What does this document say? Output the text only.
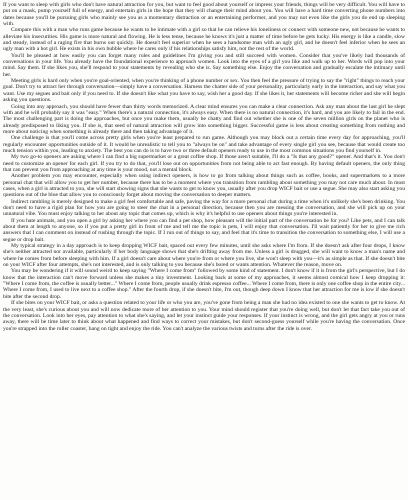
If you want to sleep with girls who don't have natural attraction for you, but want to feel good about yourself or impress your friends, things will be very difficult. You will have to put on a mask, pump yourself full of energy, and entertain girls in the hope that they will change their mind about you. You will have a hard time converting phone numbers into dates because you'll be pursuing girls who mainly see you as a momentary distraction or an entertaining performer, and you may not even like the girls you do end up sleeping with.

Compare this with a man who runs game because he wants to be intimate with a girl so that he can relieve his loneliness or connect with someone new, not because he wants to alleviate his insecurities. His game is more natural and flowing. He is less tense, because he knows it's just a matter of time before he gets lucky. His energy is like a candle, slow and steady, instead of a raging fire that burns out quickly. He doesn't feel superior when he sees a handsome man with an ugly girl, and he doesn't feel inferior when he sees an ugly man with a hot girl. He exists in his own bubble where he cares only if his relationships satisfy him, not the rest of the world.

You'll be pleased at how easily you can forget many rules and guidelines I'm giving you and still succeed with women. Consider that you've likely had thousands of conversations in your life. You already have the foundational experience to approach women. Look into the eyes of a girl you like and walk up to her. Words will pop into your mind. Say them. If she likes you, she'll respond to your statements by revealing who she is. Say something else. Enjoy the conversation and gradually escalate the intimacy until her.

Meeting girls is hard only when you're goal-oriented, when you're thinking of a phone number or sex. You then feel the pressure of trying to say the "right" things to reach your goal. Don't try to attract her through conversation—simply have a conversation. Harness the chatter side of your personality, particularly early in the interaction, and say what you want. Use my segues and bait only if you need to. If she doesn't like what you have to say, wish her a good day. If she likes it, her statements will become richer and she will begin asking you questions.

Going into any approach, you should have fewer than thirty words memorized. A clear mind ensures you can make a clear connection. Ask any man about the last girl he slept with and he will probably say it was "easy." When there's a natural connection, it's always easy. When there is no natural connection, it's hard, and you are likely to fail in the end. The most challenging part is doing the approaches, but once you make them, usually be chatty and find out whether she is one of the seven million girls on the planet who is already predisposed to liking you. If she is, that seed of natural attraction will grow into something bigger. Successful game is less about creating something from nothing and more about noticing when something is already there and then taking advantage of it.

One challenge is that you'll come across pretty girls when you're least prepared to run game. Although you may block out a certain time every day for approaching, you'll regularly encounter opportunities outside of it. It would be unrealistic to tell you to "always be on" and take advantage of every single girl you see, because that would create too much tension within you, leading to anxiety. The best you can do is to have two or three default openers ready to use in the most common situations you find yourself in.

My two go-to openers are asking where I can find a big supermarket or a great coffee shop. If those aren't suitable, I'll do a "Is that any good?" opener. And that's it. You don't need to customize an opener for each girl. If you try to do that, you'll lose out on opportunities from not being able to act fast enough. By having default openers, the only thing that can prevent you from approaching at any time is your mood, not a mental block.

Another problem you may encounter, especially when using indirect openers, is how to go from talking about things such as coffee, books, and supermarkets to a more personal chat that will allow you to get her number, because there has to be a moment where you transition from rambling about something you may not care much about. In most cases, when a girl is attracted to you, she will start showing signs that she wants to get to know you, usually after you drop WICF bait or use a segue. She may also start asking you questions out of the blue that allow you to consciously forget about moving the conversation to deeper matters.

Indirect rambling is merely designed to make a girl feel comfortable and safe, paving the way for a more personal chat during a time when it's unlikely she's been drinking. You don't need to have a rigid plan for how you are going to steer the chat in a personal direction, because then you are messing the conversation, and she will pick up on your unnatural vibe. You must enjoy talking to her about any topic that comes up, which is why it's helpful to use openers about things you're interested in.

If you hate animals, and you open a girl by asking her where you can find a pet shop, how pleasant will the initial part of the conversation be for you? Like pets, and I can talk about them at length to anyone, so if you put a pretty girl in front of me and tell me the topic is pets, I will enjoy that conversation. I'll wait patiently for her to give me rich answers that I can comment on instead of rushing through the topic. If I run out of things to say, and feel that it's time to transition the conversation to something else, I will use a segue or drop bait.

My typical strategy in a day approach is to keep dropping WICF bait, spaced out every few minutes, until she asks where I'm from. If she doesn't ask after four drops, I know she's neither attracted nor available, particularly if her body language shows that she's drifting away from me. Unless a girl is drugged, she will want to know a man's name and where he comes from before sleeping with him. If a girl doesn't care about where you're from or where you live, she won't sleep with you—it's as simple as that. If she doesn't bite on your WICF after four attempts, she's not interested, and is only talking to you because she's bored or wants attention. Whatever the reason, move on.

You may be wondering if it will sound weird to keep saying "Where I come from" followed by some kind of statement. I don't know if it is from the girl's perspective, but I do know that the interaction can't move forward unless she makes a tiny investment. Looking back at some of my approaches, it seems almost comical how I keep dropping it: "Where I come from, the coffee is usually better..." Where I come from, people usually drink espresso coffee... Where I come from, there is only one coffee shop in the entire city... Where I come from, I used to live next to a coffee shop." After the fourth drop, if she doesn't bite, I'm out, though deep down I know that her attraction for me is low if she doesn't bite after the second drop.

If she bites on your WICF bait, or asks a question related to your life or who you are, you've gone from being a man she had no idea existed to one she wants to get to know. At the very least, she's curious about you and will now dedicate more of her attention to you. Your mind should register that you're doing well, but don't let that fact take you out of the conversation. Look into her eyes, pay attention to what she's saying, and let your instinct guide your responses. If your instinct is wrong, and the girl gets angry at you or runs away, there will be time later to think about what happened and find ways to correct your mistakes, but don't second-guess yourself while you're having the conversation. Once you're strapped into the roller coaster, hang on tight and enjoy the ride. You can't analyze the various twists and turns after the ride is over.
